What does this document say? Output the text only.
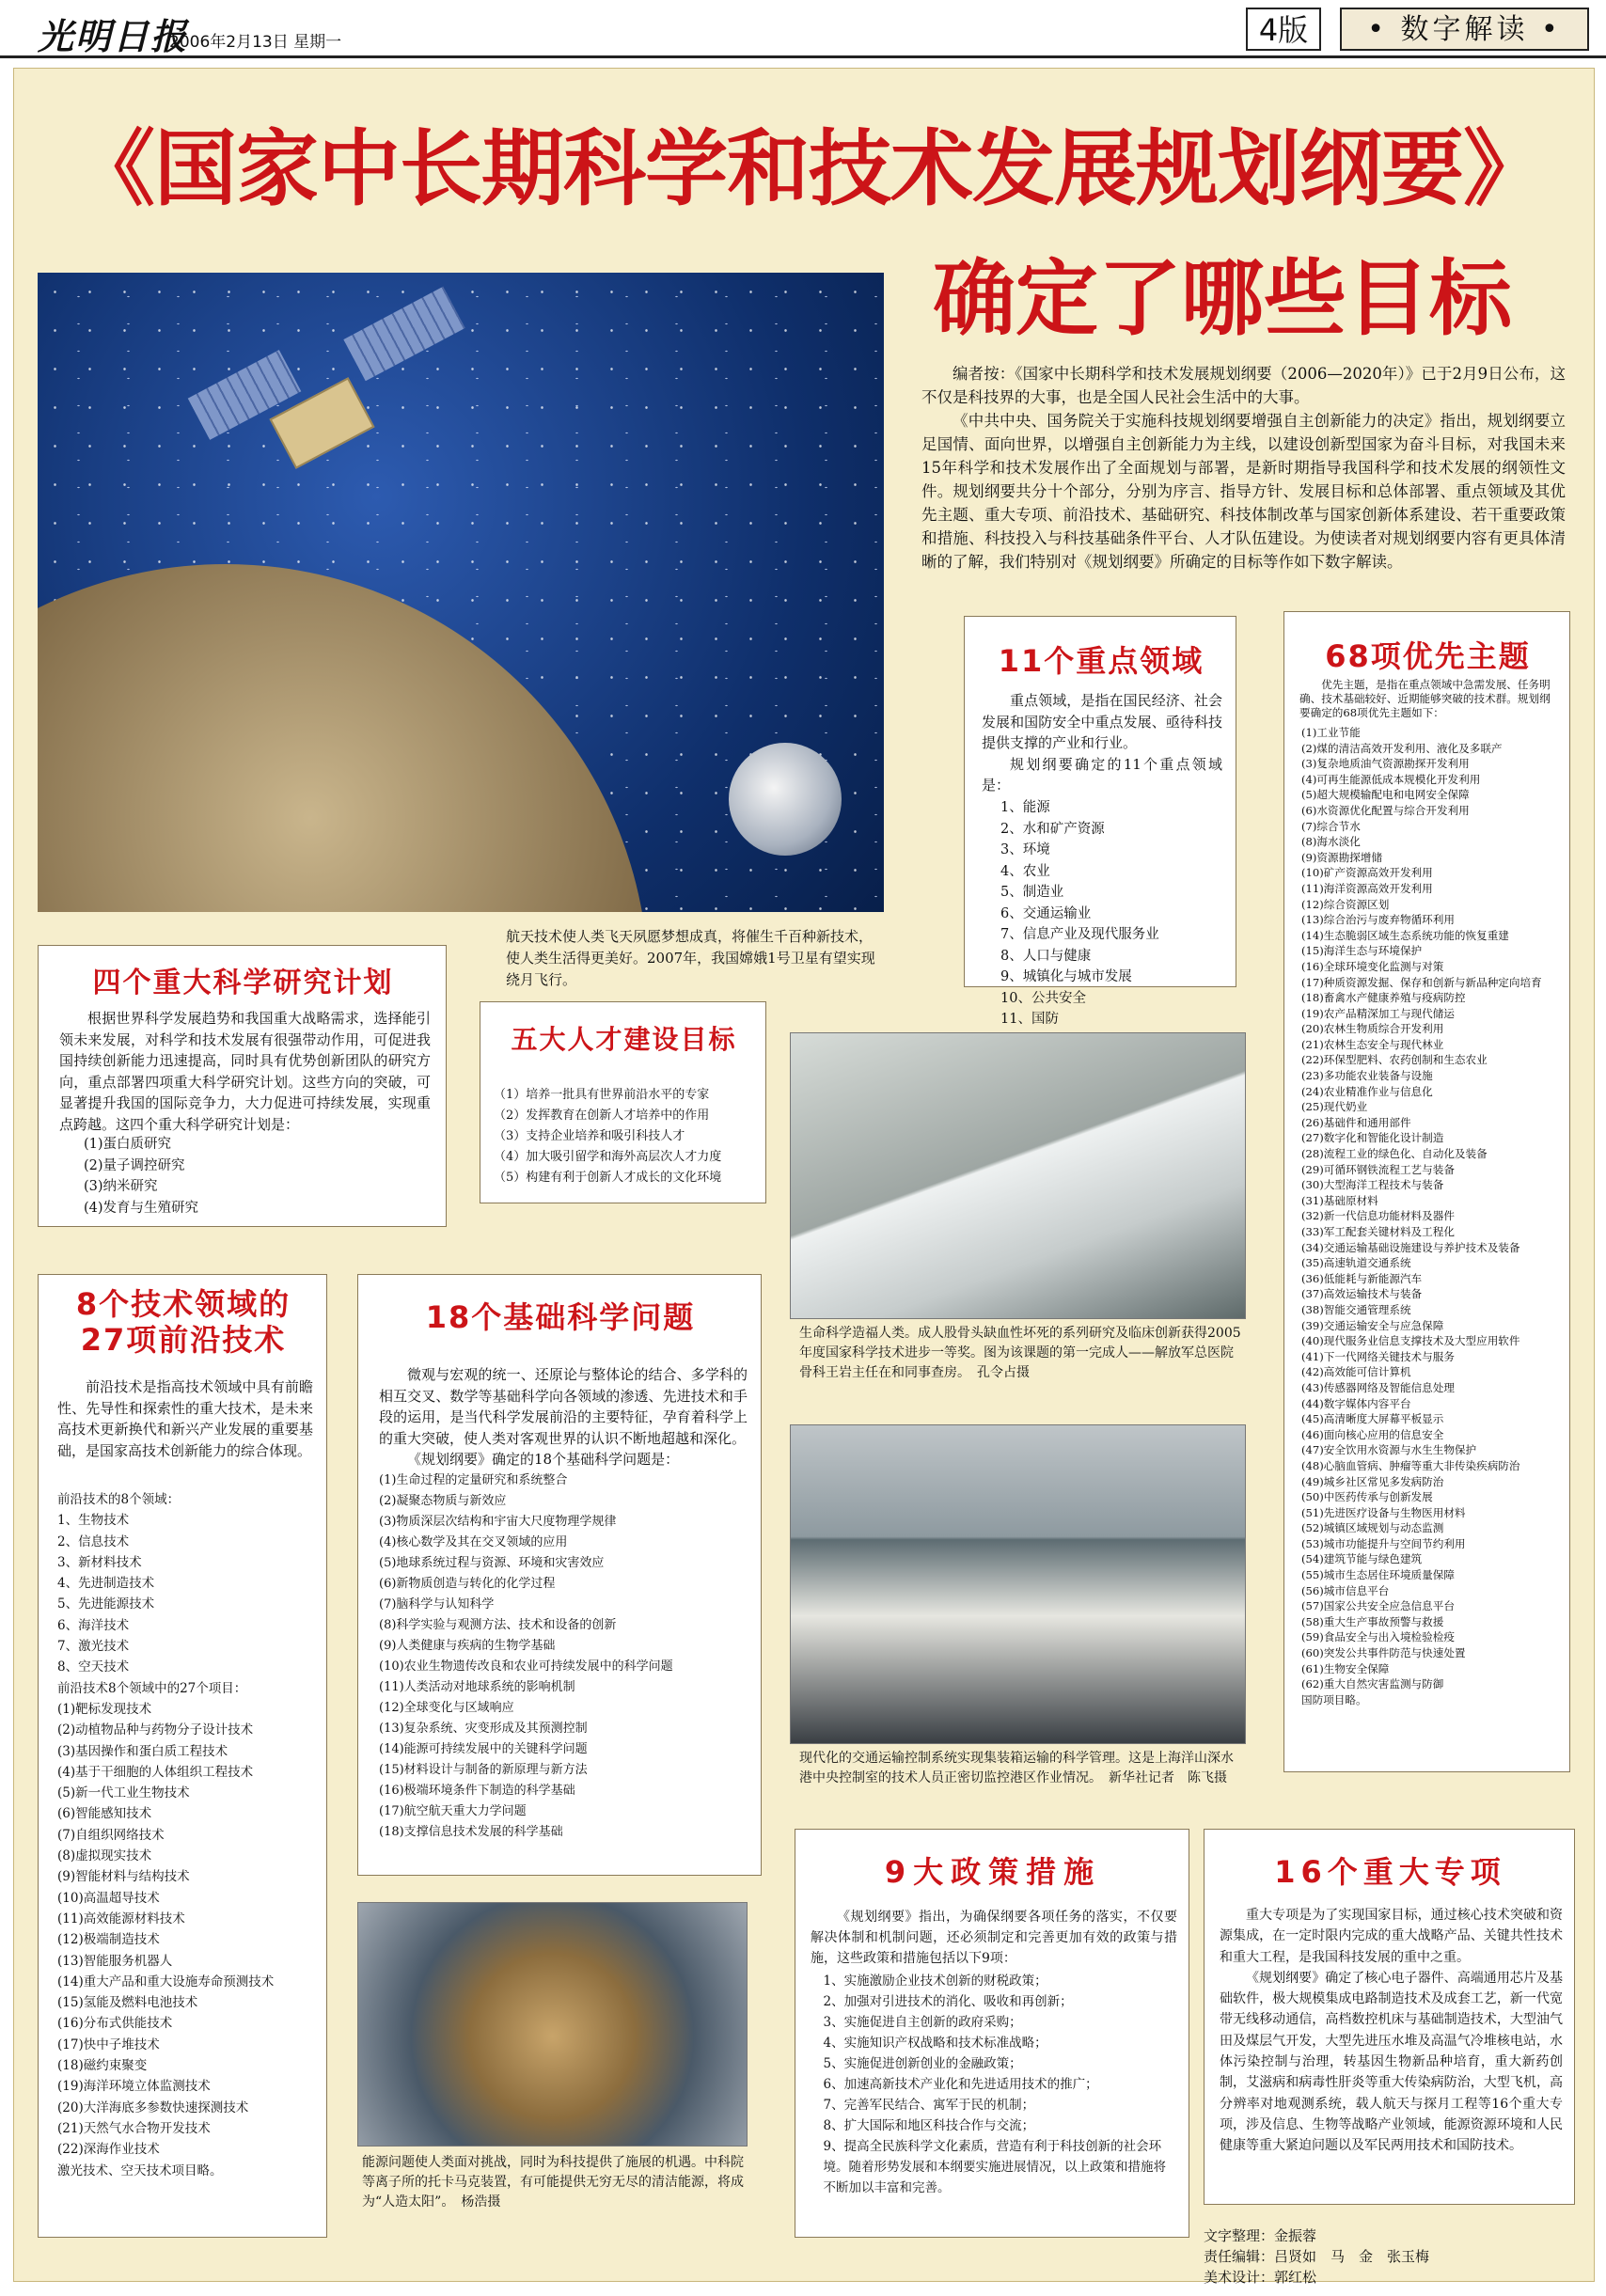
光明日报
2006年2月13日 星期一	4版	• 数字解读 •
《国家中长期科学和技术发展规划纲要》
确定了哪些目标
航天技术使人类飞天夙愿梦想成真，将催生千百种新技术，使人类生活得更美好。2007年，我国嫦娥1号卫星有望实现绕月飞行。

编者按：《国家中长期科学和技术发展规划纲要（2006—2020年）》已于2月9日公布，这不仅是科技界的大事，也是全国人民社会生活中的大事。

《中共中央、国务院关于实施科技规划纲要增强自主创新能力的决定》指出，规划纲要立足国情、面向世界，以增强自主创新能力为主线，以建设创新型国家为奋斗目标，对我国未来15年科学和技术发展作出了全面规划与部署，是新时期指导我国科学和技术发展的纲领性文件。规划纲要共分十个部分，分别为序言、指导方针、发展目标和总体部署、重点领域及其优先主题、重大专项、前沿技术、基础研究、科技体制改革与国家创新体系建设、若干重要政策和措施、科技投入与科技基础条件平台、人才队伍建设。为使读者对规划纲要内容有更具体清晰的了解，我们特别对《规划纲要》所确定的目标等作如下数字解读。

11个重点领域

重点领域，是指在国民经济、社会发展和国防安全中重点发展、亟待科技提供支撑的产业和行业。

规划纲要确定的11个重点领域是：

1、能源
2、水和矿产资源
3、环境
4、农业
5、制造业
6、交通运输业
7、信息产业及现代服务业
8、人口与健康
9、城镇化与城市发展
10、公共安全
11、国防
68项优先主题
优先主题，是指在重点领域中急需发展、任务明确、技术基础较好、近期能够突破的技术群。规划纲要确定的68项优先主题如下：
(1)工业节能
(2)煤的清洁高效开发利用、液化及多联产
(3)复杂地质油气资源勘探开发利用
(4)可再生能源低成本规模化开发利用
(5)超大规模输配电和电网安全保障
(6)水资源优化配置与综合开发利用
(7)综合节水
(8)海水淡化
(9)资源勘探增储
(10)矿产资源高效开发利用
(11)海洋资源高效开发利用
(12)综合资源区划
(13)综合治污与废弃物循环利用
(14)生态脆弱区域生态系统功能的恢复重建
(15)海洋生态与环境保护
(16)全球环境变化监测与对策
(17)种质资源发掘、保存和创新与新品种定向培育
(18)畜禽水产健康养殖与疫病防控
(19)农产品精深加工与现代储运
(20)农林生物质综合开发利用
(21)农林生态安全与现代林业
(22)环保型肥料、农药创制和生态农业
(23)多功能农业装备与设施
(24)农业精准作业与信息化
(25)现代奶业
(26)基础件和通用部件
(27)数字化和智能化设计制造
(28)流程工业的绿色化、自动化及装备
(29)可循环钢铁流程工艺与装备
(30)大型海洋工程技术与装备
(31)基础原材料
(32)新一代信息功能材料及器件
(33)军工配套关键材料及工程化
(34)交通运输基础设施建设与养护技术及装备
(35)高速轨道交通系统
(36)低能耗与新能源汽车
(37)高效运输技术与装备
(38)智能交通管理系统
(39)交通运输安全与应急保障
(40)现代服务业信息支撑技术及大型应用软件
(41)下一代网络关键技术与服务
(42)高效能可信计算机
(43)传感器网络及智能信息处理
(44)数字媒体内容平台
(45)高清晰度大屏幕平板显示
(46)面向核心应用的信息安全
(47)安全饮用水资源与水生生物保护
(48)心脑血管病、肿瘤等重大非传染疾病防治
(49)城乡社区常见多发病防治
(50)中医药传承与创新发展
(51)先进医疗设备与生物医用材料
(52)城镇区域规划与动态监测
(53)城市功能提升与空间节约利用
(54)建筑节能与绿色建筑
(55)城市生态居住环境质量保障
(56)城市信息平台
(57)国家公共安全应急信息平台
(58)重大生产事故预警与救援
(59)食品安全与出入境检验检疫
(60)突发公共事件防范与快速处置
(61)生物安全保障
(62)重大自然灾害监测与防御
国防项目略。
四个重大科学研究计划
根据世界科学发展趋势和我国重大战略需求，选择能引领未来发展，对科学和技术发展有很强带动作用，可促进我国持续创新能力迅速提高，同时具有优势创新团队的研究方向，重点部署四项重大科学研究计划。这些方向的突破，可显著提升我国的国际竞争力，大力促进可持续发展，实现重点跨越。这四个重大科学研究计划是：
(1)蛋白质研究
(2)量子调控研究
(3)纳米研究
(4)发育与生殖研究
五大人才建设目标
（1）培养一批具有世界前沿水平的专家
（2）发挥教育在创新人才培养中的作用
（3）支持企业培养和吸引科技人才
（4）加大吸引留学和海外高层次人才力度
（5）构建有利于创新人才成长的文化环境
生命科学造福人类。成人股骨头缺血性坏死的系列研究及临床创新获得2005年度国家科学技术进步一等奖。图为该课题的第一完成人——解放军总医院骨科王岩主任在和同事查房。　孔令占摄
8个技术领域的
27项前沿技术
前沿技术是指高技术领域中具有前瞻性、先导性和探索性的重大技术，是未来高技术更新换代和新兴产业发展的重要基础，是国家高技术创新能力的综合体现。
前沿技术的8个领域：
1、生物技术
2、信息技术
3、新材料技术
4、先进制造技术
5、先进能源技术
6、海洋技术
7、激光技术
8、空天技术
前沿技术8个领域中的27个项目：
(1)靶标发现技术
(2)动植物品种与药物分子设计技术
(3)基因操作和蛋白质工程技术
(4)基于干细胞的人体组织工程技术
(5)新一代工业生物技术
(6)智能感知技术
(7)自组织网络技术
(8)虚拟现实技术
(9)智能材料与结构技术
(10)高温超导技术
(11)高效能源材料技术
(12)极端制造技术
(13)智能服务机器人
(14)重大产品和重大设施寿命预测技术
(15)氢能及燃料电池技术
(16)分布式供能技术
(17)快中子堆技术
(18)磁约束聚变
(19)海洋环境立体监测技术
(20)大洋海底多参数快速探测技术
(21)天然气水合物开发技术
(22)深海作业技术
激光技术、空天技术项目略。
18个基础科学问题
微观与宏观的统一、还原论与整体论的结合、多学科的相互交叉、数学等基础科学向各领域的渗透、先进技术和手段的运用，是当代科学发展前沿的主要特征，孕育着科学上的重大突破，使人类对客观世界的认识不断地超越和深化。
《规划纲要》确定的18个基础科学问题是：
(1)生命过程的定量研究和系统整合
(2)凝聚态物质与新效应
(3)物质深层次结构和宇宙大尺度物理学规律
(4)核心数学及其在交叉领域的应用
(5)地球系统过程与资源、环境和灾害效应
(6)新物质创造与转化的化学过程
(7)脑科学与认知科学
(8)科学实验与观测方法、技术和设备的创新
(9)人类健康与疾病的生物学基础
(10)农业生物遗传改良和农业可持续发展中的科学问题
(11)人类活动对地球系统的影响机制
(12)全球变化与区域响应
(13)复杂系统、灾变形成及其预测控制
(14)能源可持续发展中的关键科学问题
(15)材料设计与制备的新原理与新方法
(16)极端环境条件下制造的科学基础
(17)航空航天重大力学问题
(18)支撑信息技术发展的科学基础
现代化的交通运输控制系统实现集装箱运输的科学管理。这是上海洋山深水港中央控制室的技术人员正密切监控港区作业情况。　新华社记者　陈飞摄
能源问题使人类面对挑战，同时为科技提供了施展的机遇。中科院等离子所的托卡马克装置，有可能提供无穷无尽的清洁能源，将成为“人造太阳”。　杨浩摄
9大政策措施
《规划纲要》指出，为确保纲要各项任务的落实，不仅要解决体制和机制问题，还必须制定和完善更加有效的政策与措施，这些政策和措施包括以下9项：
1、实施激励企业技术创新的财税政策；
2、加强对引进技术的消化、吸收和再创新；
3、实施促进自主创新的政府采购；
4、实施知识产权战略和技术标准战略；
5、实施促进创新创业的金融政策；
6、加速高新技术产业化和先进适用技术的推广；
7、完善军民结合、寓军于民的机制；
8、扩大国际和地区科技合作与交流；
9、提高全民族科学文化素质，营造有利于科技创新的社会环境。随着形势发展和本纲要实施进展情况，以上政策和措施将不断加以丰富和完善。
16个重大专项

重大专项是为了实现国家目标，通过核心技术突破和资源集成，在一定时限内完成的重大战略产品、关键共性技术和重大工程，是我国科技发展的重中之重。

《规划纲要》确定了核心电子器件、高端通用芯片及基础软件，极大规模集成电路制造技术及成套工艺，新一代宽带无线移动通信，高档数控机床与基础制造技术，大型油气田及煤层气开发，大型先进压水堆及高温气冷堆核电站，水体污染控制与治理，转基因生物新品种培育，重大新药创制，艾滋病和病毒性肝炎等重大传染病防治，大型飞机，高分辨率对地观测系统，载人航天与探月工程等16个重大专项，涉及信息、生物等战略产业领域，能源资源环境和人民健康等重大紧迫问题以及军民两用技术和国防技术。

文字整理：金振蓉
责任编辑：吕贤如　马　金　张玉梅
美术设计：郭红松
